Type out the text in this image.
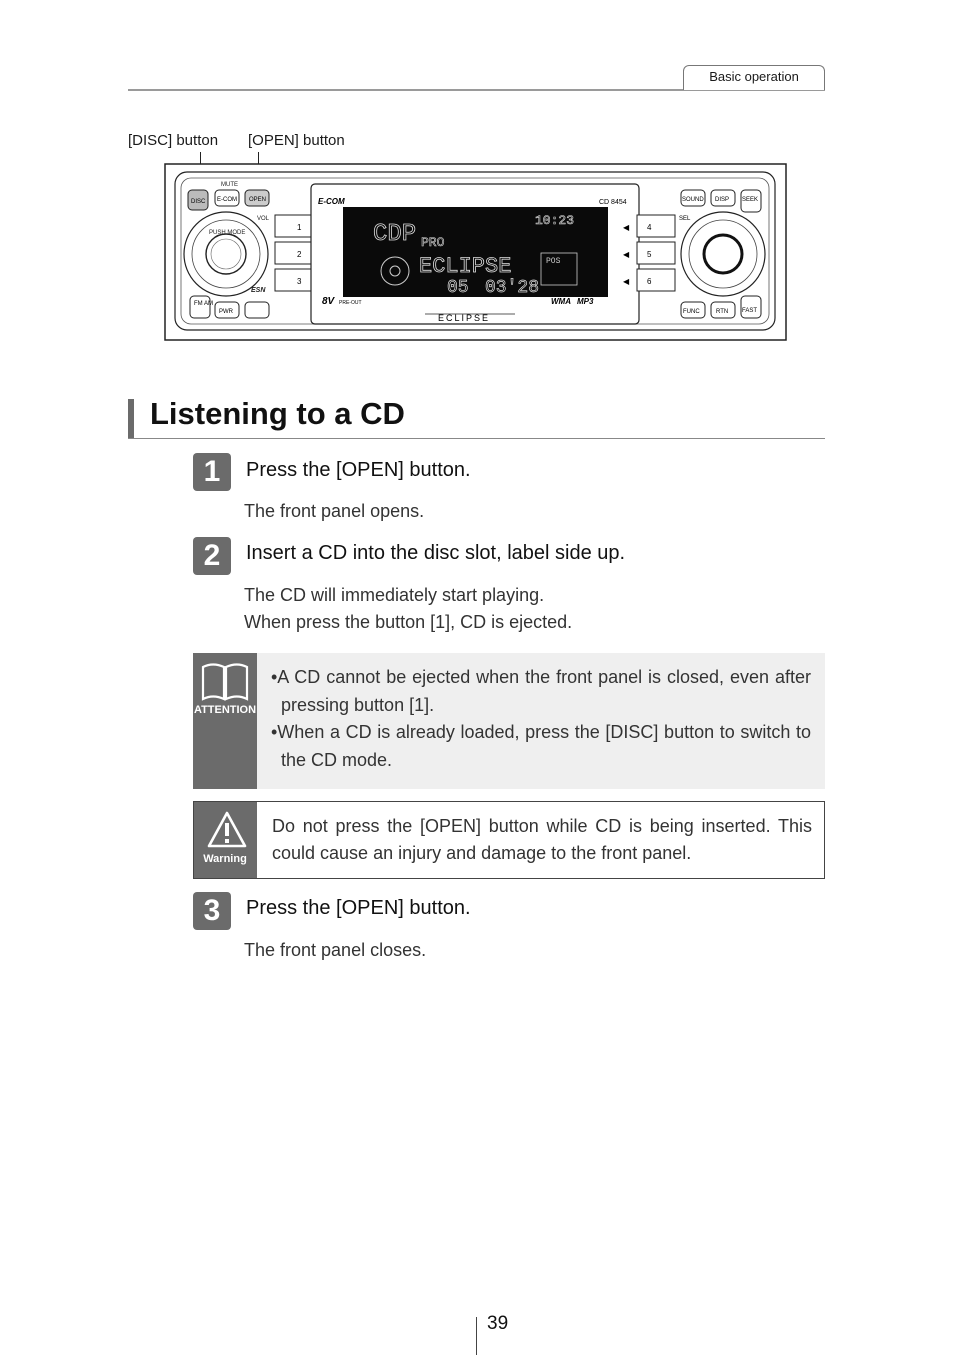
Basic operation
[DISC] button [OPEN] button
PUSH MODE
DISC E-COM OPEN
MUTE
VOL
ESN
FM AM
PWR
1
2
3
E-COM	CD 8454
CDP PRO
10:23
ECLIPSE
05 03'28
POS
8V PRE-OUT	WMA MP3
ECLIPSE
4
5
6
◀
◀
◀
SOUND DISP SEEK
SEL
FUNC	RTN FAST
Listening to a CD
1	Press the [OPEN] button.
The front panel opens.
2	Insert a CD into the disc slot, label side up.
The CD will immediately start playing.
When press the button [1], CD is ejected.
ATTENTION
•A CD cannot be ejected when the front panel is closed, even after pressing button [1].
•When a CD is already loaded, press the [DISC] button to switch to the CD mode.
Warning
Do not press the [OPEN] button while CD is being inserted. This could cause an injury and damage to the front panel.
3	Press the [OPEN] button.
The front panel closes.
39
